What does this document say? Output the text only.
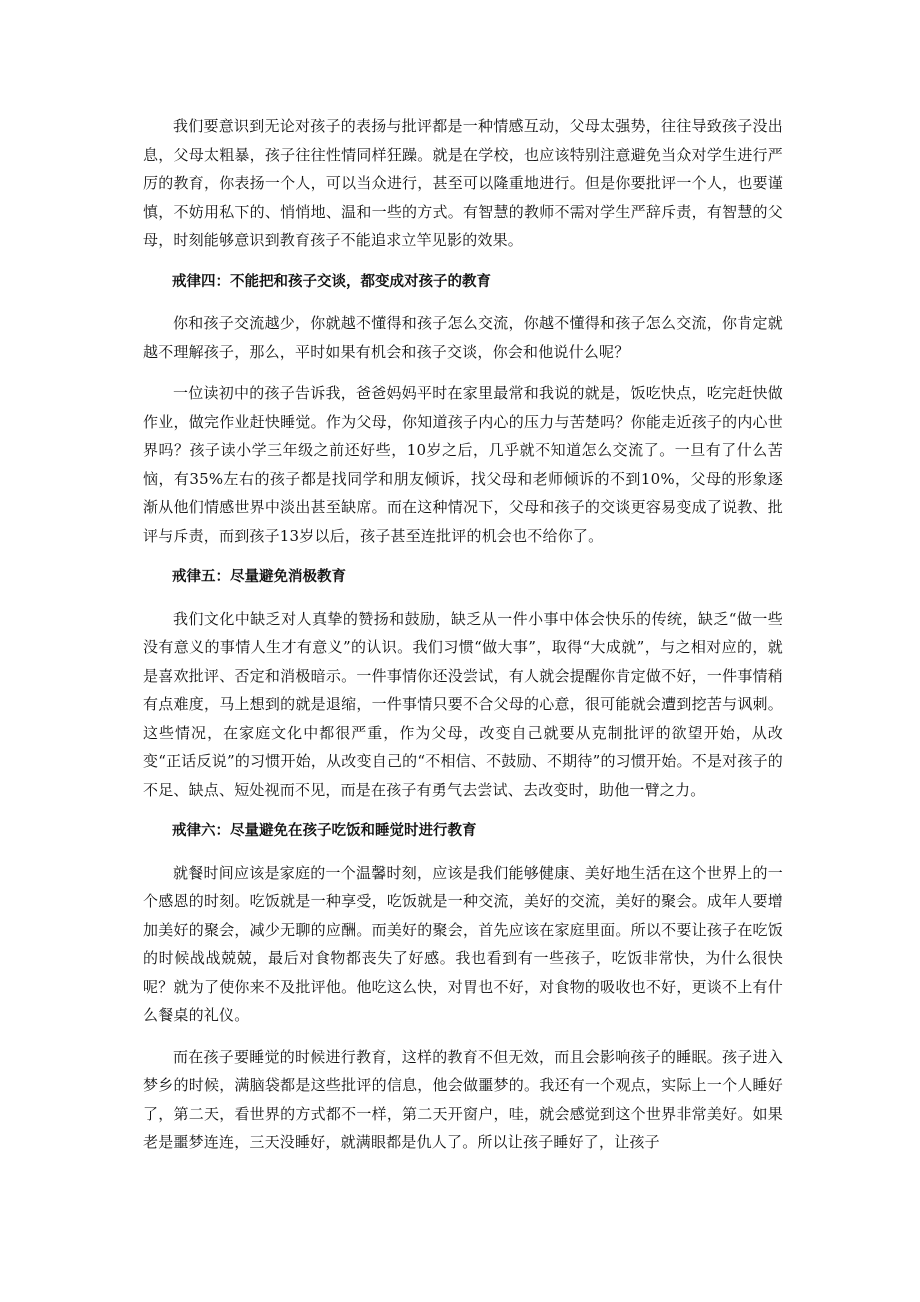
我们要意识到无论对孩子的表扬与批评都是一种情感互动，父母太强势，往往导致孩子没出息，父母太粗暴，孩子往往性情同样狂躁。就是在学校，也应该特别注意避免当众对学生进行严厉的教育，你表扬一个人，可以当众进行，甚至可以隆重地进行。但是你要批评一个人，也要谨慎，不妨用私下的、悄悄地、温和一些的方式。有智慧的教师不需对学生严辞斥责，有智慧的父母，时刻能够意识到教育孩子不能追求立竿见影的效果。

戒律四：不能把和孩子交谈，都变成对孩子的教育

你和孩子交流越少，你就越不懂得和孩子怎么交流，你越不懂得和孩子怎么交流，你肯定就越不理解孩子，那么，平时如果有机会和孩子交谈，你会和他说什么呢？

一位读初中的孩子告诉我，爸爸妈妈平时在家里最常和我说的就是，饭吃快点，吃完赶快做作业，做完作业赶快睡觉。作为父母，你知道孩子内心的压力与苦楚吗？你能走近孩子的内心世界吗？孩子读小学三年级之前还好些，10岁之后，几乎就不知道怎么交流了。一旦有了什么苦恼，有35%左右的孩子都是找同学和朋友倾诉，找父母和老师倾诉的不到10%，父母的形象逐渐从他们情感世界中淡出甚至缺席。而在这种情况下，父母和孩子的交谈更容易变成了说教、批评与斥责，而到孩子13岁以后，孩子甚至连批评的机会也不给你了。

戒律五：尽量避免消极教育

我们文化中缺乏对人真挚的赞扬和鼓励，缺乏从一件小事中体会快乐的传统，缺乏“做一些没有意义的事情人生才有意义”的认识。我们习惯“做大事”，取得“大成就”，与之相对应的，就是喜欢批评、否定和消极暗示。一件事情你还没尝试，有人就会提醒你肯定做不好，一件事情稍有点难度，马上想到的就是退缩，一件事情只要不合父母的心意，很可能就会遭到挖苦与讽刺。这些情况，在家庭文化中都很严重，作为父母，改变自己就要从克制批评的欲望开始，从改变“正话反说”的习惯开始，从改变自己的“不相信、不鼓励、不期待”的习惯开始。不是对孩子的不足、缺点、短处视而不见，而是在孩子有勇气去尝试、去改变时，助他一臂之力。

戒律六：尽量避免在孩子吃饭和睡觉时进行教育

就餐时间应该是家庭的一个温馨时刻，应该是我们能够健康、美好地生活在这个世界上的一个感恩的时刻。吃饭就是一种享受，吃饭就是一种交流，美好的交流，美好的聚会。成年人要增加美好的聚会，减少无聊的应酬。而美好的聚会，首先应该在家庭里面。所以不要让孩子在吃饭的时候战战兢兢，最后对食物都丧失了好感。我也看到有一些孩子，吃饭非常快，为什么很快呢？就为了使你来不及批评他。他吃这么快，对胃也不好，对食物的吸收也不好，更谈不上有什么餐桌的礼仪。

而在孩子要睡觉的时候进行教育，这样的教育不但无效，而且会影响孩子的睡眠。孩子进入梦乡的时候，满脑袋都是这些批评的信息，他会做噩梦的。我还有一个观点，实际上一个人睡好了，第二天，看世界的方式都不一样，第二天开窗户，哇，就会感觉到这个世界非常美好。如果老是噩梦连连，三天没睡好，就满眼都是仇人了。所以让孩子睡好了，让孩子
